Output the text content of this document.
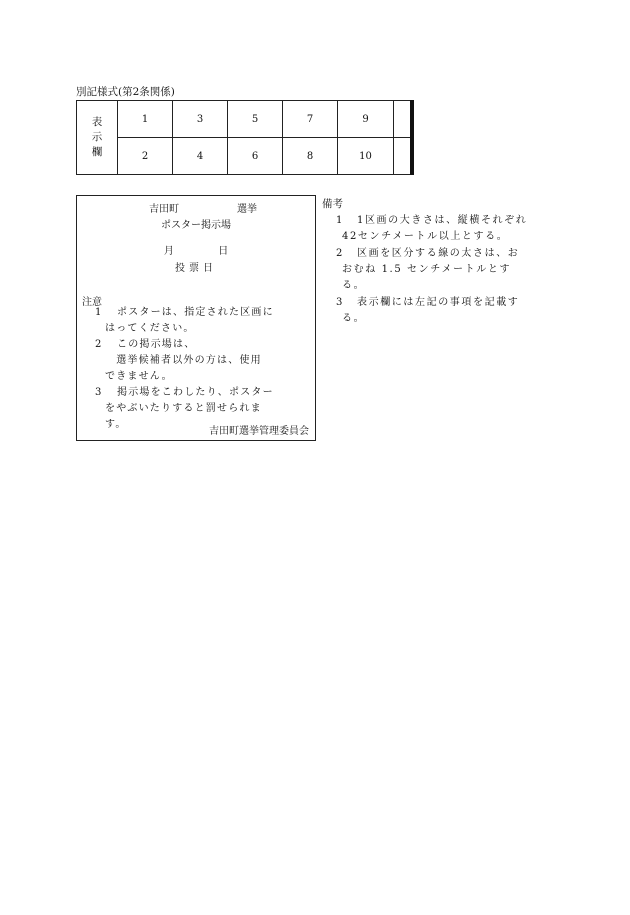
別記様式(第2条関係)
表
示
欄
1	3	5	7	9
2	4	6	8	10
吉田町	選挙
ポスター掲示場
月	日
投票日
注意
1	ポスターは、指定された区画に
はってください。
2	この掲示場は、
　選挙候補者以外の方は、使用
できません。
3	掲示場をこわしたり、ポスター
をやぶいたりすると罰せられま
す。
吉田町選挙管理委員会
備考
1	1区画の大きさは、縦横それぞれ
42センチメートル以上とする。
2	区画を区分する線の太さは、お
おむね 1.5 センチメートルとす
る。
3	表示欄には左記の事項を記載す
る。
